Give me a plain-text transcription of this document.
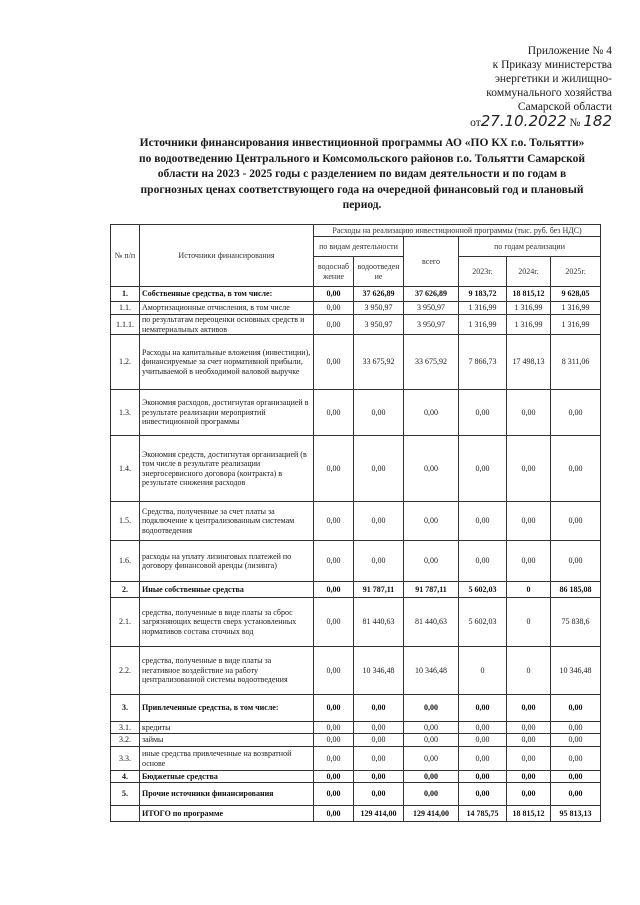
Приложение № 4
к Приказу министерства
энергетики и жилищно-
коммунального хозяйства
Самарской области
от27.10.2022 № 182
Источники финансирования инвестиционной программы АО «ПО КХ г.о. Тольятти»
по водоотведению Центрального и Комсомольского районов г.о. Тольятти Самарской
области на 2023 - 2025 годы с разделением по видам деятельности и по годам в
прогнозных ценах соответствующего года на очередной финансовый год и плановый
период.
№ п/п	Источники финансирования	Расходы на реализацию инвестиционной программы (тыс. руб. без НДС)					
		по видам деятельности		всего	по годам реализации		
		водоснабжение	водоотведение		2023г.	2024г.	2025г.
1.	Собственные средства, в том числе:	0,00	37 626,89	37 626,89	9 183,72	18 815,12	9 628,05
1.1.	Амортизационные отчисления, в том числе	0,00	3 950,97	3 950,97	1 316,99	1 316,99	1 316,99
1.1.1.	по результатам переоценки основных средств и нематериальных активов	0,00	3 950,97	3 950,97	1 316,99	1 316,99	1 316,99
1.2.	Расходы на капитальные вложения (инвестиции), финансируемые за счет нормативной прибыли, учитываемой в необходимой валовой выручке	0,00	33 675,92	33 675,92	7 866,73	17 498,13	8 311,06
1.3.	Экономия расходов, достигнутая организацией в результате реализации мероприятий инвестиционной программы	0,00	0,00	0,00	0,00	0,00	0,00
1.4.	Экономия средств, достигнутая организацией (в том числе в результате реализации энергосервисного договора (контракта) в результате снижения расходов	0,00	0,00	0,00	0,00	0,00	0,00
1.5.	Средства, полученные за счет платы за подключение к централизованным системам водоотведения	0,00	0,00	0,00	0,00	0,00	0,00
1.6.	расходы на уплату лизинговых платежей по договору финансовой аренды (лизинга)	0,00	0,00	0,00	0,00	0,00	0,00
2.	Иные собственные средства	0,00	91 787,11	91 787,11	5 602,03	0	86 185,08
2.1.	средства, полученные в виде платы за сброс загрязняющих веществ сверх установленных нормативов состава сточных вод	0,00	81 440,63	81 440,63	5 602,03	0	75 838,6
2.2.	средства, полученные в виде платы за негативное воздействие на работу централизованной системы водоотведения	0,00	10 346,48	10 346,48	0	0	10 346,48
3.	Привлеченные средства, в том числе:	0,00	0,00	0,00	0,00	0,00	0,00
3.1.	кредиты	0,00	0,00	0,00	0,00	0,00	0,00
3.2.	займы	0,00	0,00	0,00	0,00	0,00	0,00
3.3.	иные средства привлеченные на возвратной основе	0,00	0,00	0,00	0,00	0,00	0,00
4.	Бюджетные средства	0,00	0,00	0,00	0,00	0,00	0,00
5.	Прочие источники финансирования	0,00	0,00	0,00	0,00	0,00	0,00
	ИТОГО по программе	0,00	129 414,00	129 414,00	14 785,75	18 815,12	95 813,13
